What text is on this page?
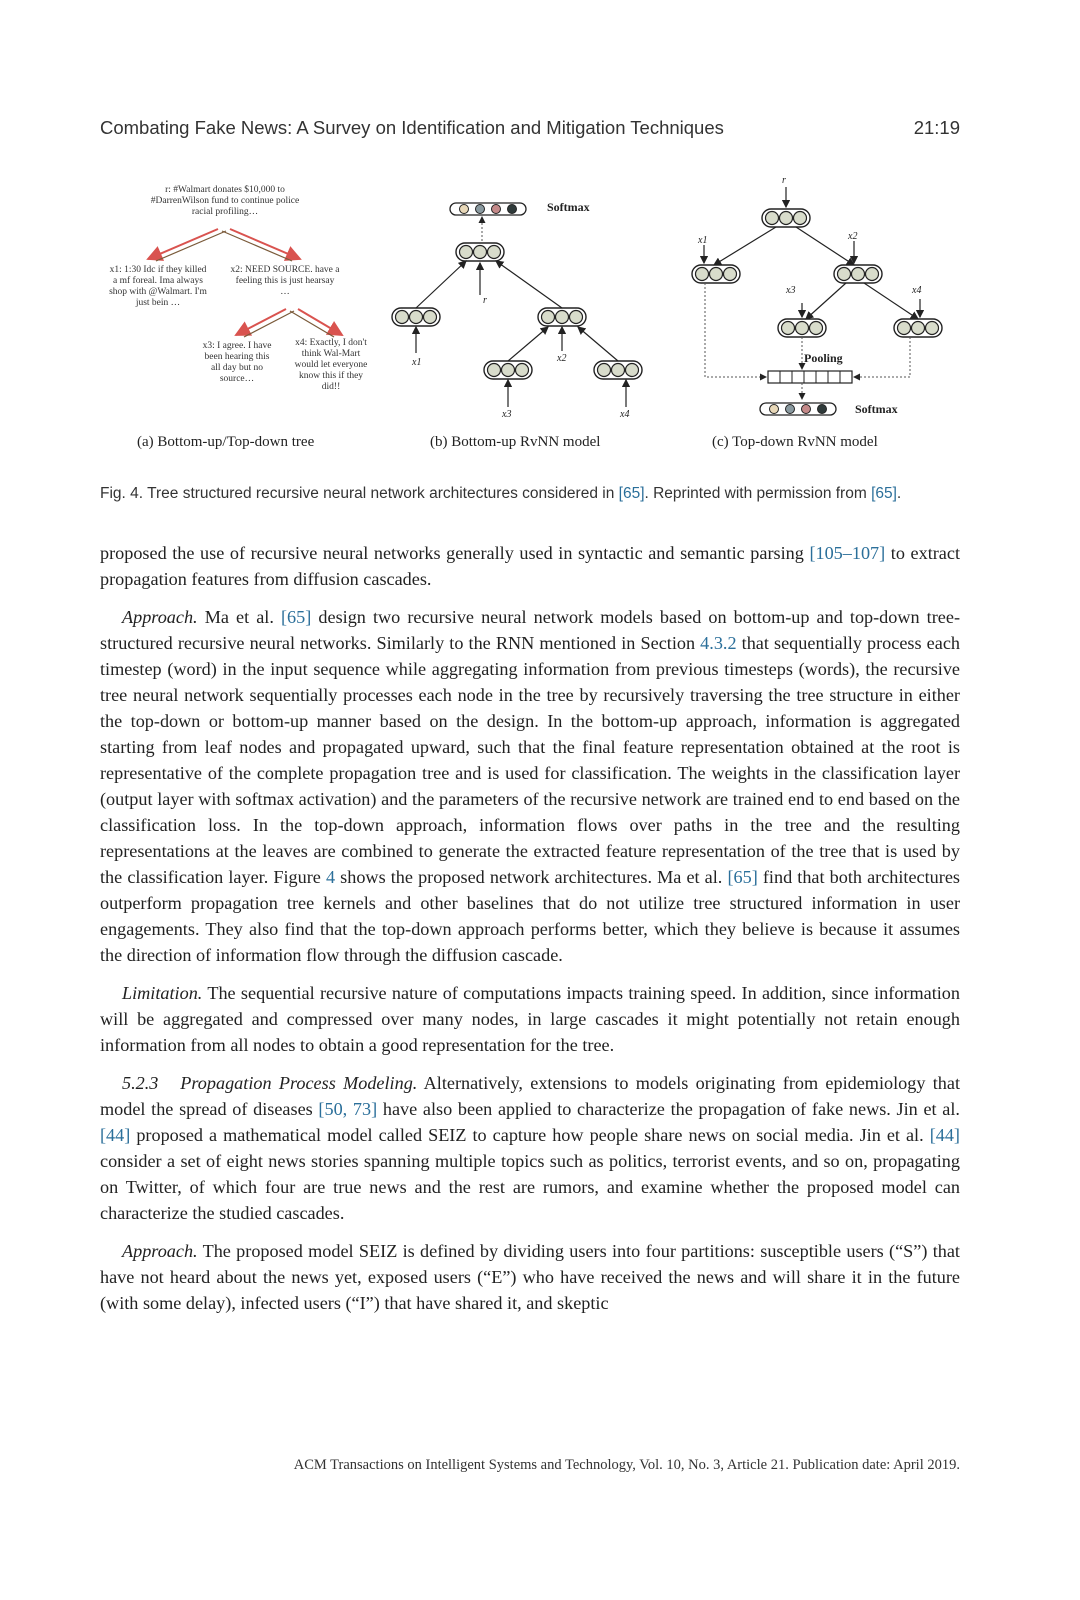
Combating Fake News: A Survey on Identification and Mitigation Techniques	21:19
r: #Walmart donates $10,000 to #DarrenWilson fund to continue police racial profiling…
x1: 1:30 Idc if they killed a mf foreal. Ima always shop with @Walmart. I'm just bein …
x2: NEED SOURCE. have a feeling this is just hearsay …
x3: I agree. I have been hearing this all day but no source…
x4: Exactly, I don't think Wal-Mart would let everyone know this if they did!!
Softmax
r
x1	x2
x3	x4
r
x1	x2
x3	x4
Pooling
Softmax
(a) Bottom-up/Top-down tree	(b) Bottom-up RvNN model	(c) Top-down RvNN model
Fig. 4. Tree structured recursive neural network architectures considered in [65]. Reprinted with permission from [65].

proposed the use of recursive neural networks generally used in syntactic and semantic parsing [105–107] to extract propagation features from diffusion cascades.

Approach. Ma et al. [65] design two recursive neural network models based on bottom-up and top-down tree-structured recursive neural networks. Similarly to the RNN mentioned in Section 4.3.2 that sequentially process each timestep (word) in the input sequence while aggregating information from previous timesteps (words), the recursive tree neural network sequentially processes each node in the tree by recursively traversing the tree structure in either the top-down or bottom-up manner based on the design. In the bottom-up approach, information is aggregated starting from leaf nodes and propagated upward, such that the final feature representation obtained at the root is representative of the complete propagation tree and is used for classification. The weights in the classification layer (output layer with softmax activation) and the parameters of the recursive network are trained end to end based on the classification loss. In the top-down approach, information flows over paths in the tree and the resulting representations at the leaves are combined to generate the extracted feature representation of the tree that is used by the classification layer. Figure 4 shows the proposed network architectures. Ma et al. [65] find that both architectures outperform propagation tree kernels and other baselines that do not utilize tree structured information in user engagements. They also find that the top-down approach performs better, which they believe is because it assumes the direction of information flow through the diffusion cascade.

Limitation. The sequential recursive nature of computations impacts training speed. In addition, since information will be aggregated and compressed over many nodes, in large cascades it might potentially not retain enough information from all nodes to obtain a good representation for the tree.

5.2.3 Propagation Process Modeling. Alternatively, extensions to models originating from epidemiology that model the spread of diseases [50, 73] have also been applied to characterize the propagation of fake news. Jin et al. [44] proposed a mathematical model called SEIZ to capture how people share news on social media. Jin et al. [44] consider a set of eight news stories spanning multiple topics such as politics, terrorist events, and so on, propagating on Twitter, of which four are true news and the rest are rumors, and examine whether the proposed model can characterize the studied cascades.

Approach. The proposed model SEIZ is defined by dividing users into four partitions: susceptible users (“S”) that have not heard about the news yet, exposed users (“E”) who have received the news and will share it in the future (with some delay), infected users (“I”) that have shared it, and skeptic

ACM Transactions on Intelligent Systems and Technology, Vol. 10, No. 3, Article 21. Publication date: April 2019.
